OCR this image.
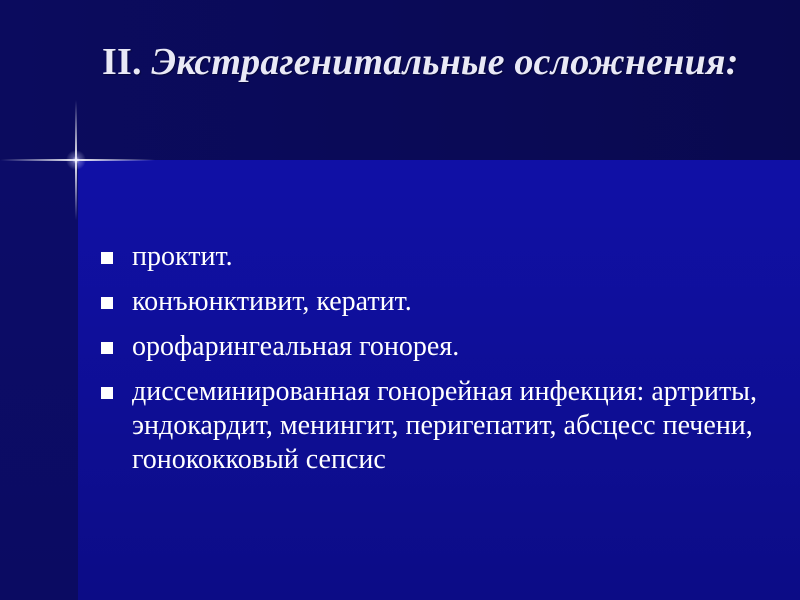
II. Экстрагенитальные осложнения:
проктит.
конъюнктивит, кератит.
орофарингеальная гонорея.
диссеминированная гонорейная инфекция: артриты, эндокардит, менингит, перигепатит, абсцесс печени, гонококковый сепсис
